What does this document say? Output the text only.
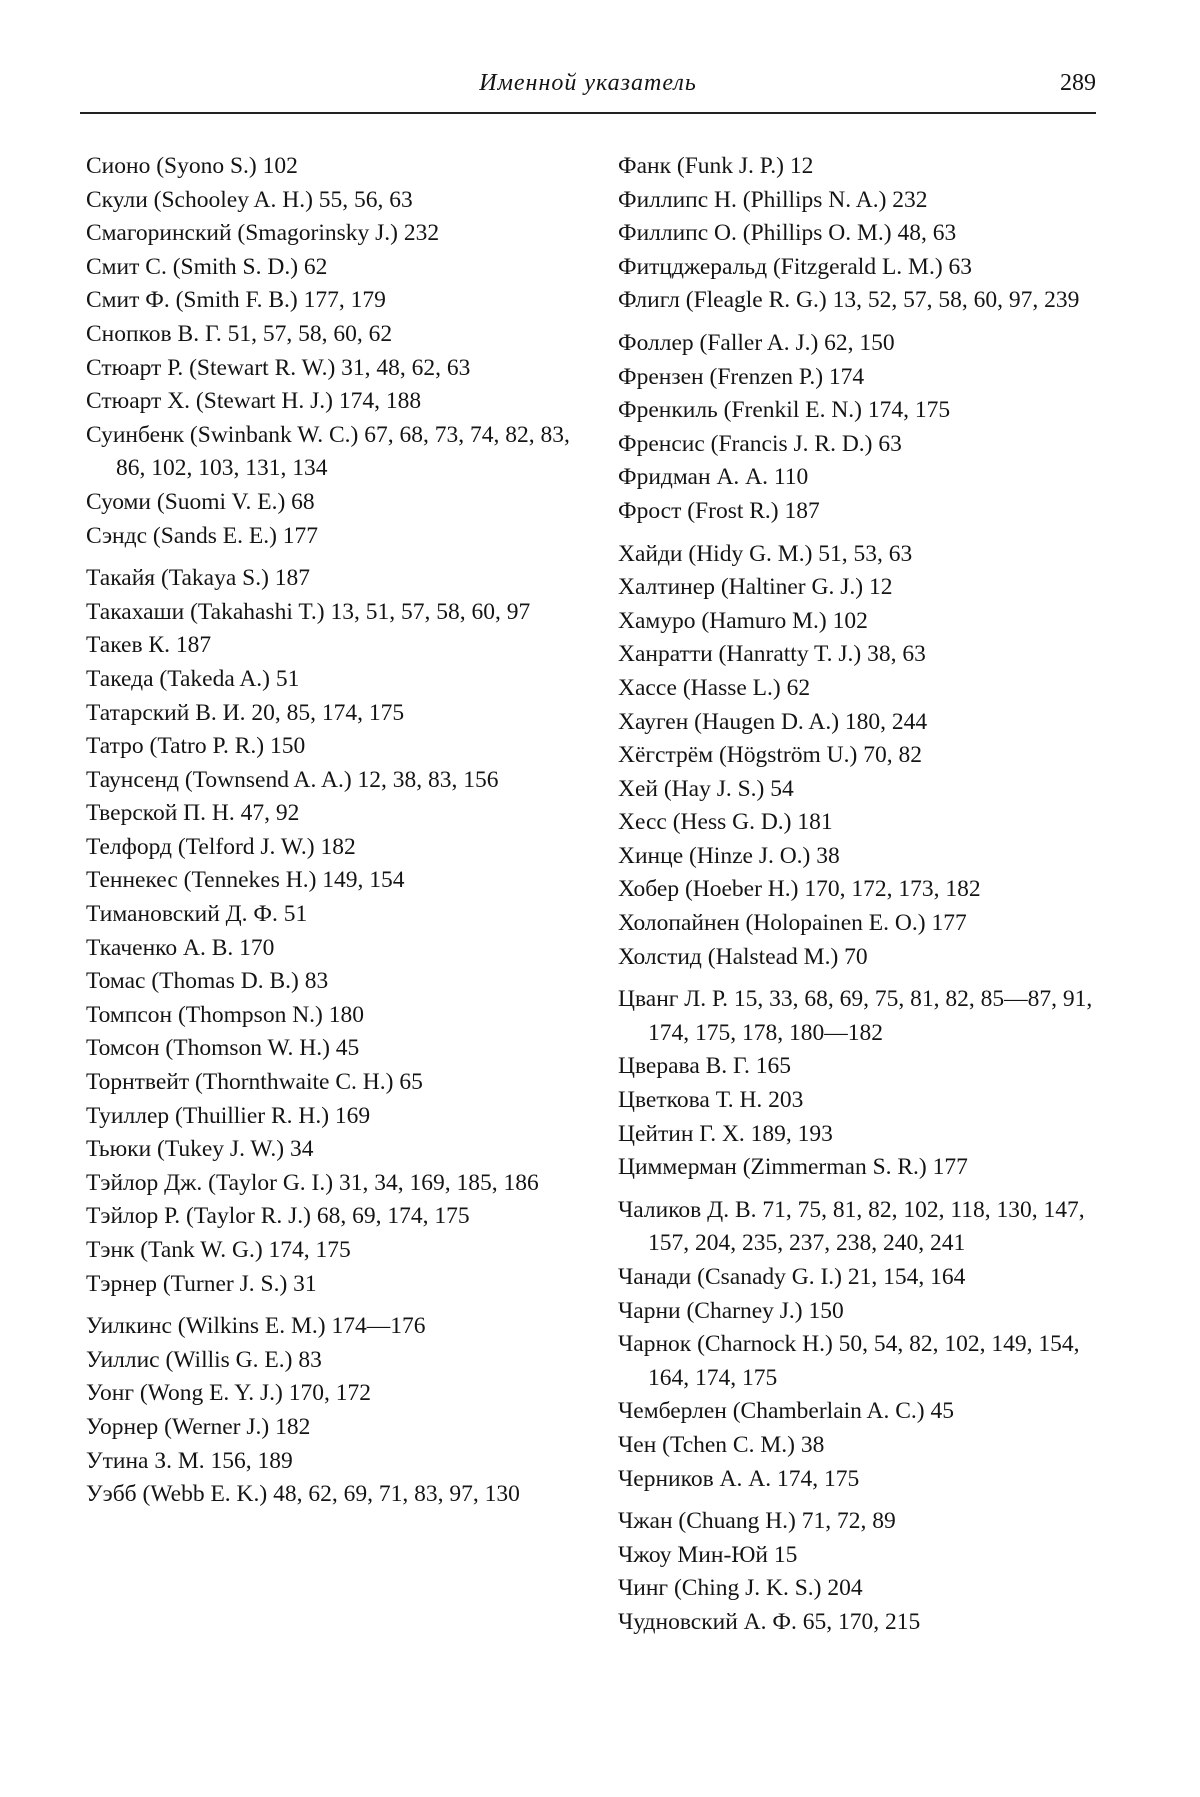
Именной указатель	289
Сионо (Syono S.) 102
Скули (Schooley A. H.) 55, 56, 63
Смагоринский (Smagorinsky J.) 232
Смит С. (Smith S. D.) 62
Смит Ф. (Smith F. B.) 177, 179
Снопков В. Г. 51, 57, 58, 60, 62
Стюарт Р. (Stewart R. W.) 31, 48, 62, 63
Стюарт Х. (Stewart H. J.) 174, 188
Суинбенк (Swinbank W. C.) 67, 68, 73, 74, 82, 83, 86, 102, 103, 131, 134
Суоми (Suomi V. E.) 68
Сэндс (Sands E. E.) 177
Такайя (Takaya S.) 187
Такахаши (Takahashi T.) 13, 51, 57, 58, 60, 97
Такев К. 187
Такеда (Takeda A.) 51
Татарский В. И. 20, 85, 174, 175
Татро (Tatro P. R.) 150
Таунсенд (Townsend A. A.) 12, 38, 83, 156
Тверской П. Н. 47, 92
Телфорд (Telford J. W.) 182
Теннекес (Tennekes H.) 149, 154
Тимановский Д. Ф. 51
Ткаченко А. В. 170
Томас (Thomas D. B.) 83
Томпсон (Thompson N.) 180
Томсон (Thomson W. H.) 45
Торнтвейт (Thornthwaite C. H.) 65
Туиллер (Thuillier R. H.) 169
Тьюки (Tukey J. W.) 34
Тэйлор Дж. (Taylor G. I.) 31, 34, 169, 185, 186
Тэйлор Р. (Taylor R. J.) 68, 69, 174, 175
Тэнк (Tank W. G.) 174, 175
Тэрнер (Turner J. S.) 31
Уилкинс (Wilkins E. M.) 174—176
Уиллис (Willis G. E.) 83
Уонг (Wong E. Y. J.) 170, 172
Уорнер (Werner J.) 182
Утина З. М. 156, 189
Уэбб (Webb E. K.) 48, 62, 69, 71, 83, 97, 130
Фанк (Funk J. P.) 12
Филлипс Н. (Phillips N. A.) 232
Филлипс О. (Phillips O. M.) 48, 63
Фитцджеральд (Fitzgerald L. M.) 63
Флигл (Fleagle R. G.) 13, 52, 57, 58, 60, 97, 239
Фоллер (Faller A. J.) 62, 150
Френзен (Frenzen P.) 174
Френкиль (Frenkil E. N.) 174, 175
Френсис (Francis J. R. D.) 63
Фридман А. А. 110
Фрост (Frost R.) 187
Хайди (Hidy G. M.) 51, 53, 63
Халтинер (Haltiner G. J.) 12
Хамуро (Hamuro M.) 102
Ханратти (Hanratty T. J.) 38, 63
Хассе (Hasse L.) 62
Хауген (Haugen D. A.) 180, 244
Хёгстрём (Högström U.) 70, 82
Хей (Hay J. S.) 54
Хесс (Hess G. D.) 181
Хинце (Hinze J. O.) 38
Хобер (Hoeber H.) 170, 172, 173, 182
Холопайнен (Holopainen E. O.) 177
Холстид (Halstead M.) 70
Цванг Л. Р. 15, 33, 68, 69, 75, 81, 82, 85—87, 91, 174, 175, 178, 180—182
Цверава В. Г. 165
Цветкова Т. Н. 203
Цейтин Г. Х. 189, 193
Циммерман (Zimmerman S. R.) 177
Чаликов Д. В. 71, 75, 81, 82, 102, 118, 130, 147, 157, 204, 235, 237, 238, 240, 241
Чанади (Csanady G. I.) 21, 154, 164
Чарни (Charney J.) 150
Чарнок (Charnock H.) 50, 54, 82, 102, 149, 154, 164, 174, 175
Чемберлен (Chamberlain A. C.) 45
Чен (Tchen C. M.) 38
Черников А. А. 174, 175
Чжан (Chuang H.) 71, 72, 89
Чжоу Мин-Юй 15
Чинг (Ching J. K. S.) 204
Чудновский А. Ф. 65, 170, 215
